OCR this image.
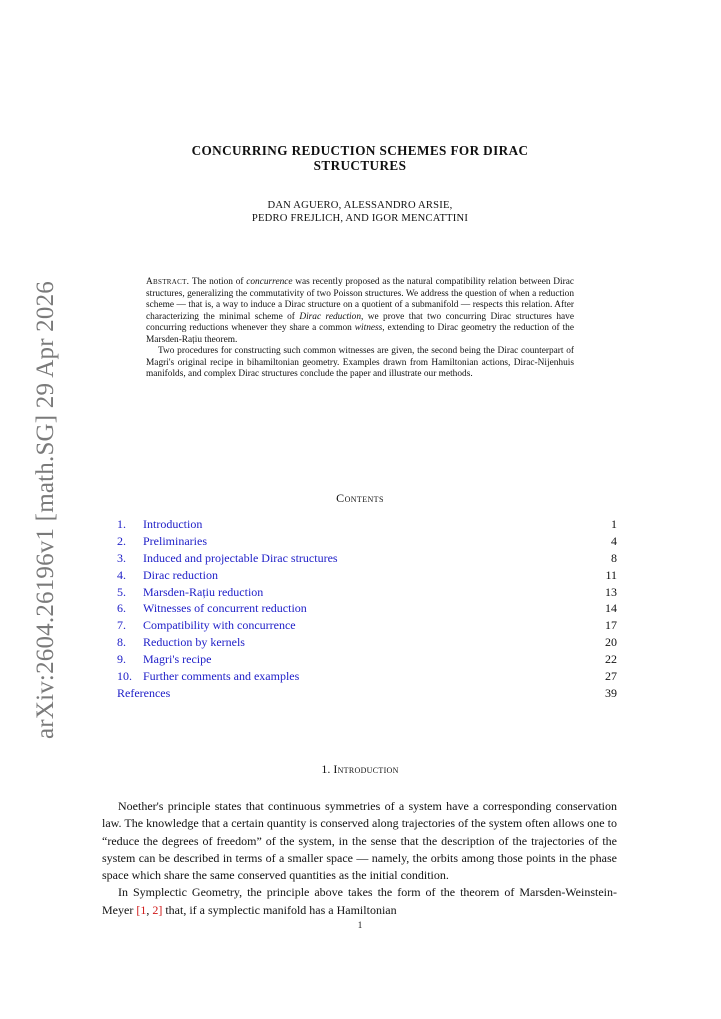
arXiv:2604.26196v1 [math.SG] 29 Apr 2026
CONCURRING REDUCTION SCHEMES FOR DIRAC
STRUCTURES
DAN AGUERO, ALESSANDRO ARSIE,
PEDRO FREJLICH, AND IGOR MENCATTINI

Abstract. The notion of concurrence was recently proposed as the natural compatibility relation between Dirac structures, generalizing the commutativity of two Poisson structures. We address the question of when a reduction scheme — that is, a way to induce a Dirac structure on a quotient of a submanifold — respects this relation. After characterizing the minimal scheme of Dirac reduction, we prove that two concurring Dirac structures have concurring reductions whenever they share a common witness, extending to Dirac geometry the reduction of the Marsden-Rațiu theorem.

Two procedures for constructing such common witnesses are given, the second being the Dirac counterpart of Magri's original recipe in bihamiltonian geometry. Examples drawn from Hamiltonian actions, Dirac-Nijenhuis manifolds, and complex Dirac structures conclude the paper and illustrate our methods.

Contents
1. Introduction	1
2. Preliminaries	4
3. Induced and projectable Dirac structures	8
4. Dirac reduction	11
5. Marsden-Rațiu reduction	13
6. Witnesses of concurrent reduction	14
7. Compatibility with concurrence	17
8. Reduction by kernels	20
9. Magri's recipe	22
10. Further comments and examples	27
References	39
1. Introduction

Noether's principle states that continuous symmetries of a system have a corresponding conservation law. The knowledge that a certain quantity is conserved along trajectories of the system often allows one to “reduce the degrees of freedom” of the system, in the sense that the description of the trajectories of the system can be described in terms of a smaller space — namely, the orbits among those points in the phase space which share the same conserved quantities as the initial condition.

In Symplectic Geometry, the principle above takes the form of the theorem of Marsden-Weinstein-Meyer [1, 2] that, if a symplectic manifold has a Hamiltonian

1
